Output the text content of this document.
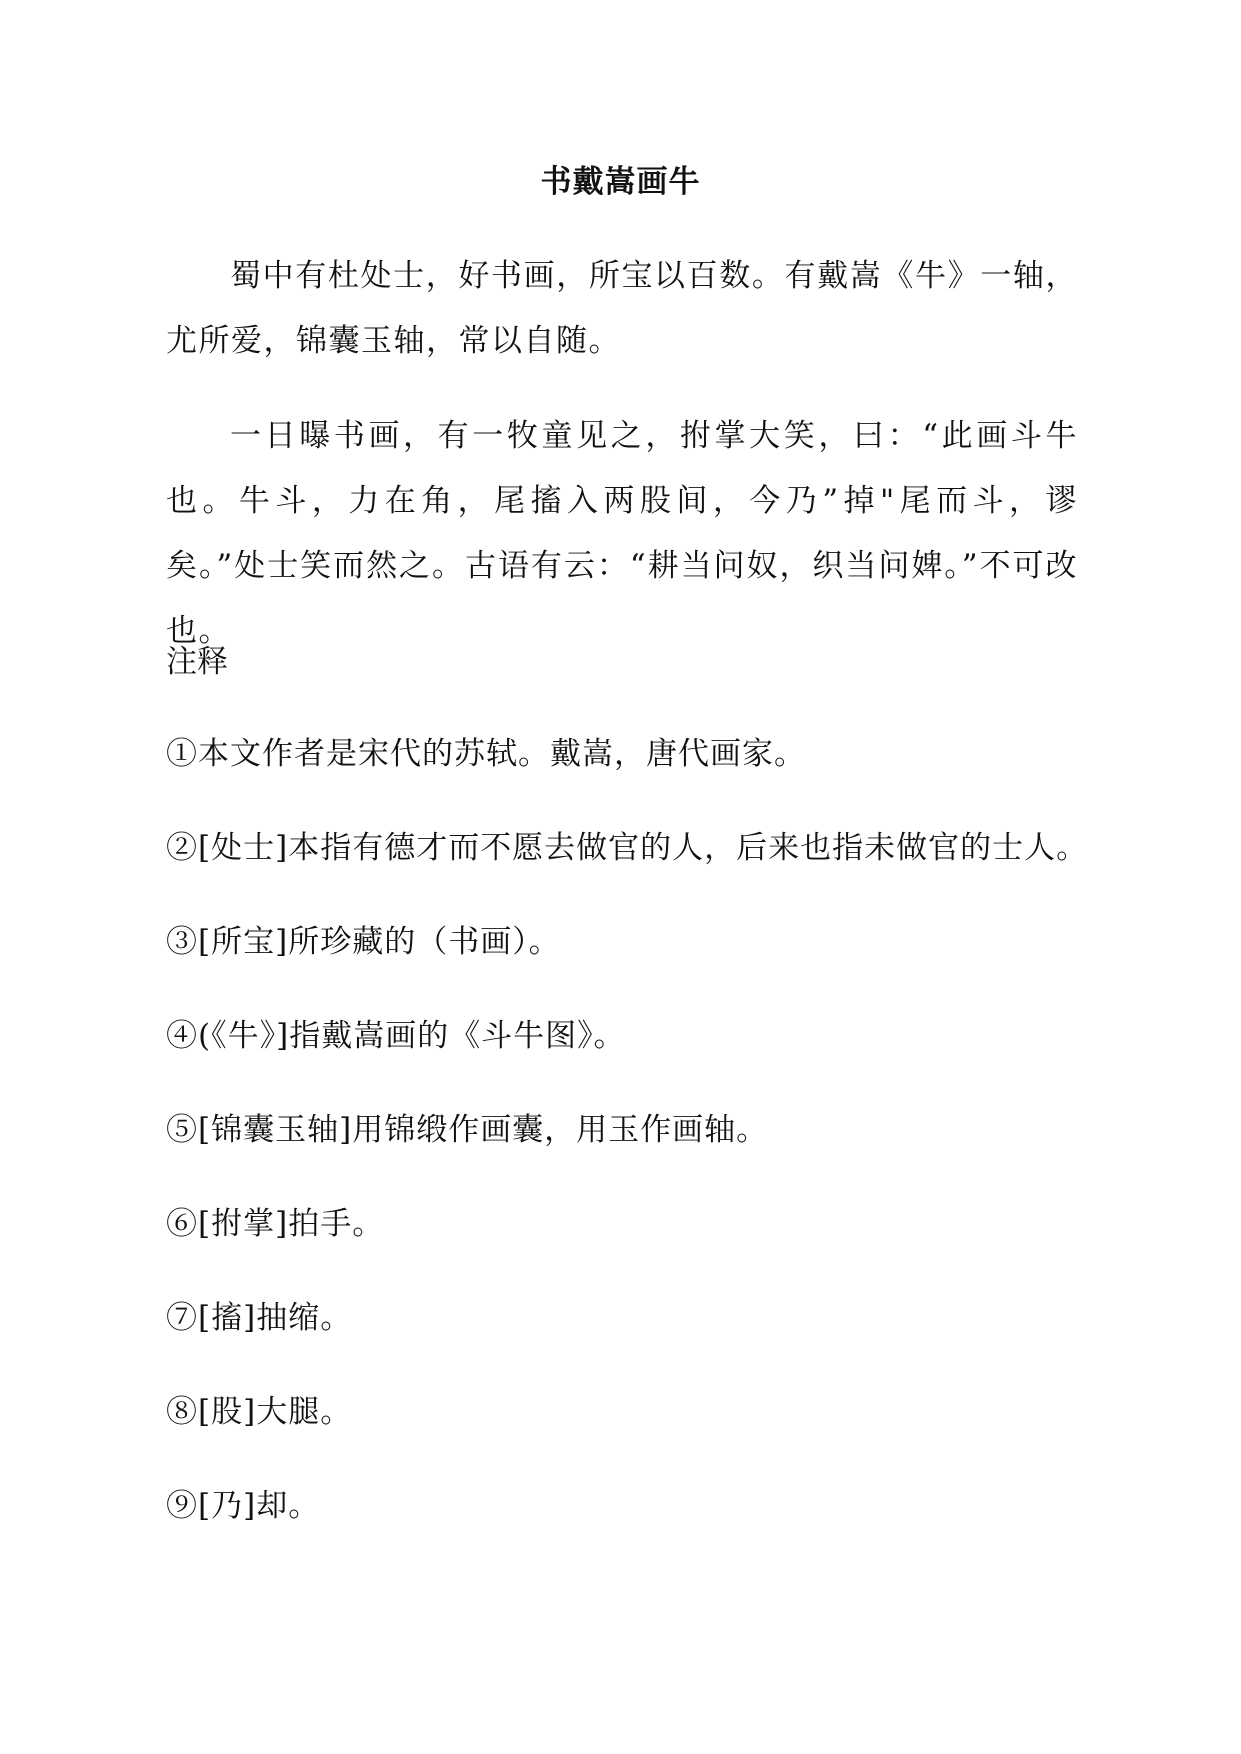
书戴嵩画牛

蜀中有杜处士，好书画，所宝以百数。有戴嵩《牛》一轴，尤所爱，锦囊玉轴，常以自随。

一日曝书画，有一牧童见之，拊掌大笑，曰：“此画斗牛也。牛斗，力在角，尾搐入两股间，今乃”掉"尾而斗，谬矣。”处士笑而然之。古语有云：“耕当问奴，织当问婢。”不可改也。

注释
①本文作者是宋代的苏轼。戴嵩，唐代画家。
②[处士]本指有德才而不愿去做官的人，后来也指未做官的士人。
③[所宝]所珍藏的（书画）。
④(《牛》]指戴嵩画的《斗牛图》。
⑤[锦囊玉轴]用锦缎作画囊，用玉作画轴。
⑥[拊掌]拍手。
⑦[搐]抽缩。
⑧[股]大腿。
⑨[乃]却。
